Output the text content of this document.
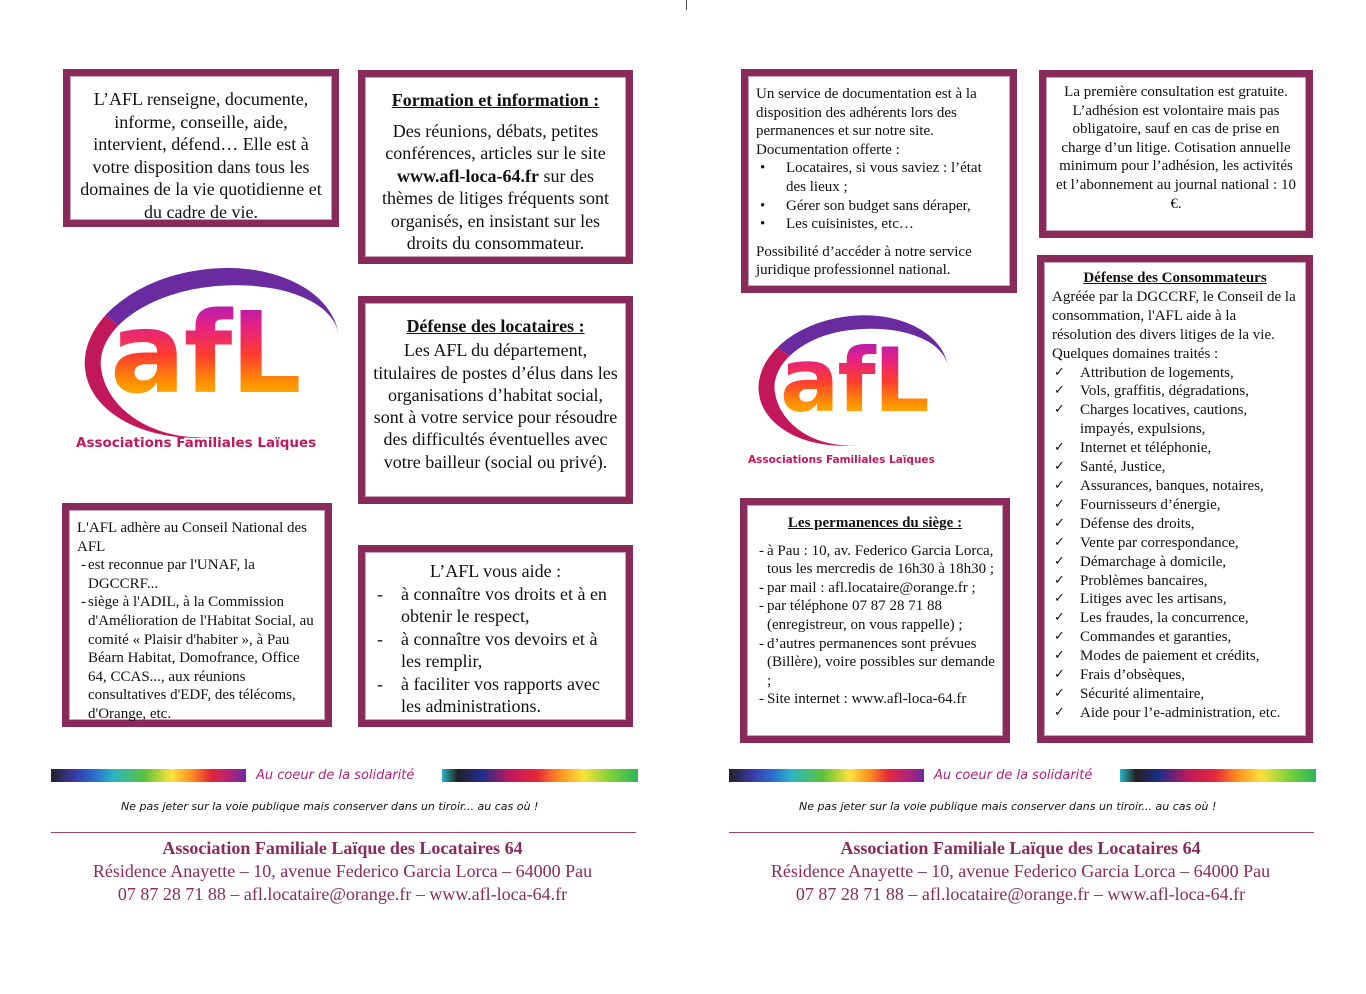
L’AFL renseigne, documente, informe, conseille, aide, intervient, défend… Elle est à votre disposition dans tous les domaines de la vie quotidienne et du cadre de vie.
Formation et information :
Des réunions, débats, petites conférences, articles sur le site www.afl-loca-64.fr sur des thèmes de litiges fréquents sont organisés, en insistant sur les droits du consommateur.
Défense des locataires :
Les AFL du département, titulaires de postes d’élus dans les organisations d’habitat social, sont à votre service pour résoudre des difficultés éventuelles avec votre bailleur (social ou privé).
afL
Associations Familiales Laïques
L'AFL adhère au Conseil National des AFL
- est reconnue par l'UNAF, la DGCCRF...
- siège à l'ADIL, à la Commission d'Amélioration de l'Habitat Social, au comité « Plaisir d'habiter », à Pau Béarn Habitat, Domofrance, Office 64, CCAS..., aux réunions consultatives d'EDF, des télécoms, d'Orange, etc.
L’AFL vous aide :
- à connaître vos droits et à en obtenir le respect,
- à connaître vos devoirs et à les remplir,
- à faciliter vos rapports avec les administrations.
Au coeur de la solidarité
Ne pas jeter sur la voie publique mais conserver dans un tiroir... au cas où !
Association Familiale Laïque des Locataires 64
Résidence Anayette – 10, avenue Federico Garcia Lorca – 64000 Pau
07 87 28 71 88 – afl.locataire@orange.fr – www.afl-loca-64.fr
Un service de documentation est à la disposition des adhérents lors des permanences et sur notre site.
Documentation offerte :
• Locataires, si vous saviez : l’état des lieux ;
• Gérer son budget sans déraper,
• Les cuisinistes, etc…
Possibilité d’accéder à notre service juridique professionnel national.
La première consultation est gratuite. L’adhésion est volontaire mais pas obligatoire, sauf en cas de prise en charge d’un litige. Cotisation annuelle minimum pour l’adhésion, les activités et l’abonnement au journal national : 10 €.
afL
Associations Familiales Laïques
Les permanences du siège :
- à Pau : 10, av. Federico Garcia Lorca, tous les mercredis de 16h30 à 18h30 ;
- par mail : afl.locataire@orange.fr ;
- par téléphone 07 87 28 71 88 (enregistreur, on vous rappelle) ;
- d’autres permanences sont prévues (Billère), voire possibles sur demande ;
- Site internet : www.afl-loca-64.fr
Défense des Consommateurs
Agréée par la DGCCRF, le Conseil de la consommation, l'AFL aide à la résolution des divers litiges de la vie. Quelques domaines traités :
✓ Attribution de logements,
✓ Vols, graffitis, dégradations,
✓ Charges locatives, cautions, impayés, expulsions,
✓ Internet et téléphonie,
✓ Santé, Justice,
✓ Assurances, banques, notaires,
✓ Fournisseurs d’énergie,
✓ Défense des droits,
✓ Vente par correspondance,
✓ Démarchage à domicile,
✓ Problèmes bancaires,
✓ Litiges avec les artisans,
✓ Les fraudes, la concurrence,
✓ Commandes et garanties,
✓ Modes de paiement et crédits,
✓ Frais d’obsèques,
✓ Sécurité alimentaire,
✓ Aide pour l’e-administration, etc.
Au coeur de la solidarité
Ne pas jeter sur la voie publique mais conserver dans un tiroir... au cas où !
Association Familiale Laïque des Locataires 64
Résidence Anayette – 10, avenue Federico Garcia Lorca – 64000 Pau
07 87 28 71 88 – afl.locataire@orange.fr – www.afl-loca-64.fr
